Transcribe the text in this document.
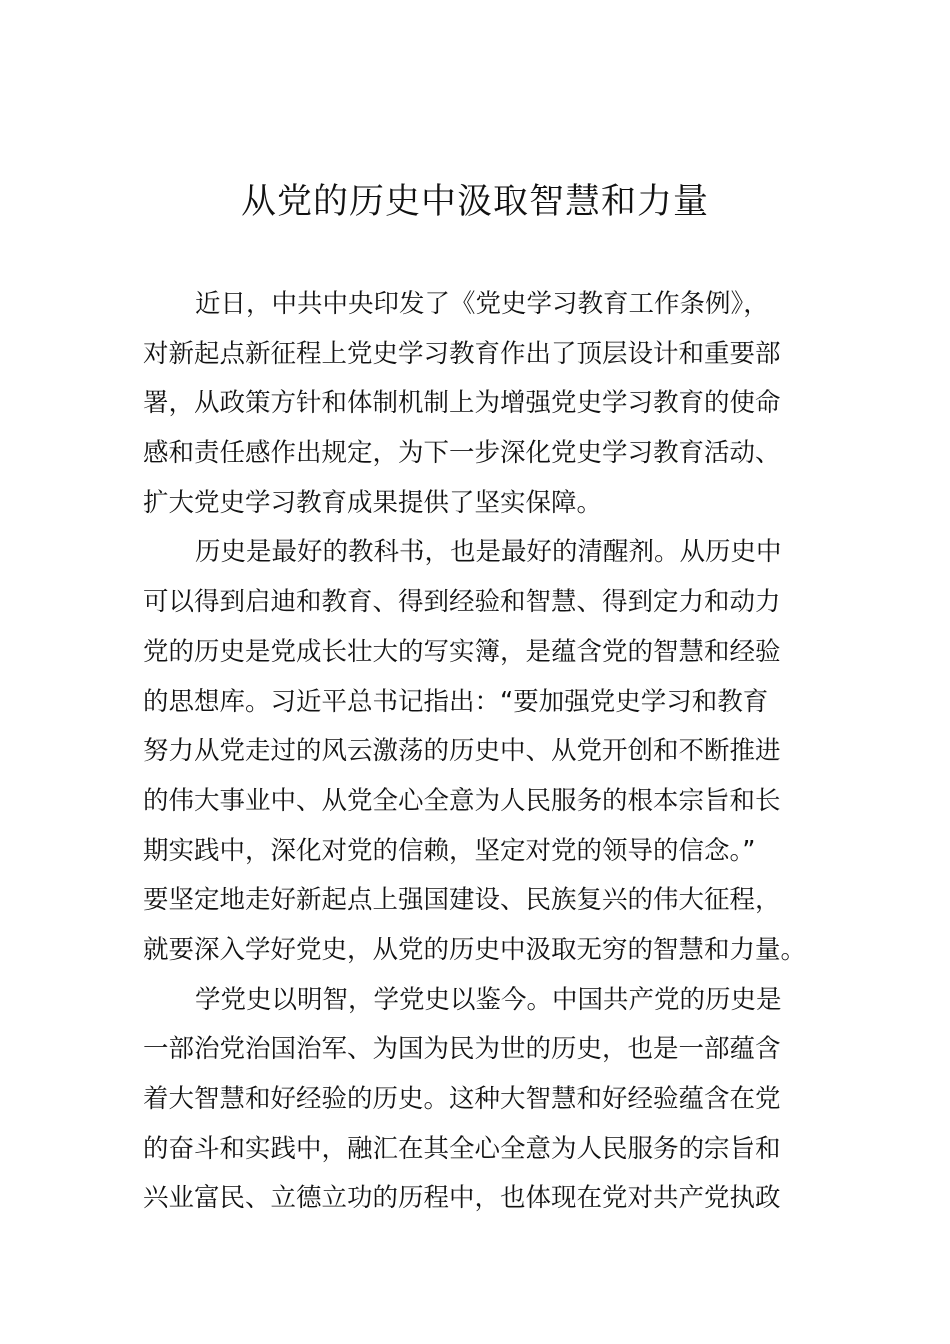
从党的历史中汲取智慧和力量

近日，中共中央印发了《党史学习教育工作条例》，
对新起点新征程上党史学习教育作出了顶层设计和重要部
署，从政策方针和体制机制上为增强党史学习教育的使命
感和责任感作出规定，为下一步深化党史学习教育活动、
扩大党史学习教育成果提供了坚实保障。

历史是最好的教科书，也是最好的清醒剂。从历史中
可以得到启迪和教育、得到经验和智慧、得到定力和动力
党的历史是党成长壮大的写实簿，是蕴含党的智慧和经验
的思想库。习近平总书记指出：“要加强党史学习和教育
努力从党走过的风云激荡的历史中、从党开创和不断推进
的伟大事业中、从党全心全意为人民服务的根本宗旨和长
期实践中，深化对党的信赖，坚定对党的领导的信念。”
要坚定地走好新起点上强国建设、民族复兴的伟大征程，
就要深入学好党史，从党的历史中汲取无穷的智慧和力量。

学党史以明智，学党史以鉴今。中国共产党的历史是
一部治党治国治军、为国为民为世的历史，也是一部蕴含
着大智慧和好经验的历史。这种大智慧和好经验蕴含在党
的奋斗和实践中，融汇在其全心全意为人民服务的宗旨和
兴业富民、立德立功的历程中，也体现在党对共产党执政
